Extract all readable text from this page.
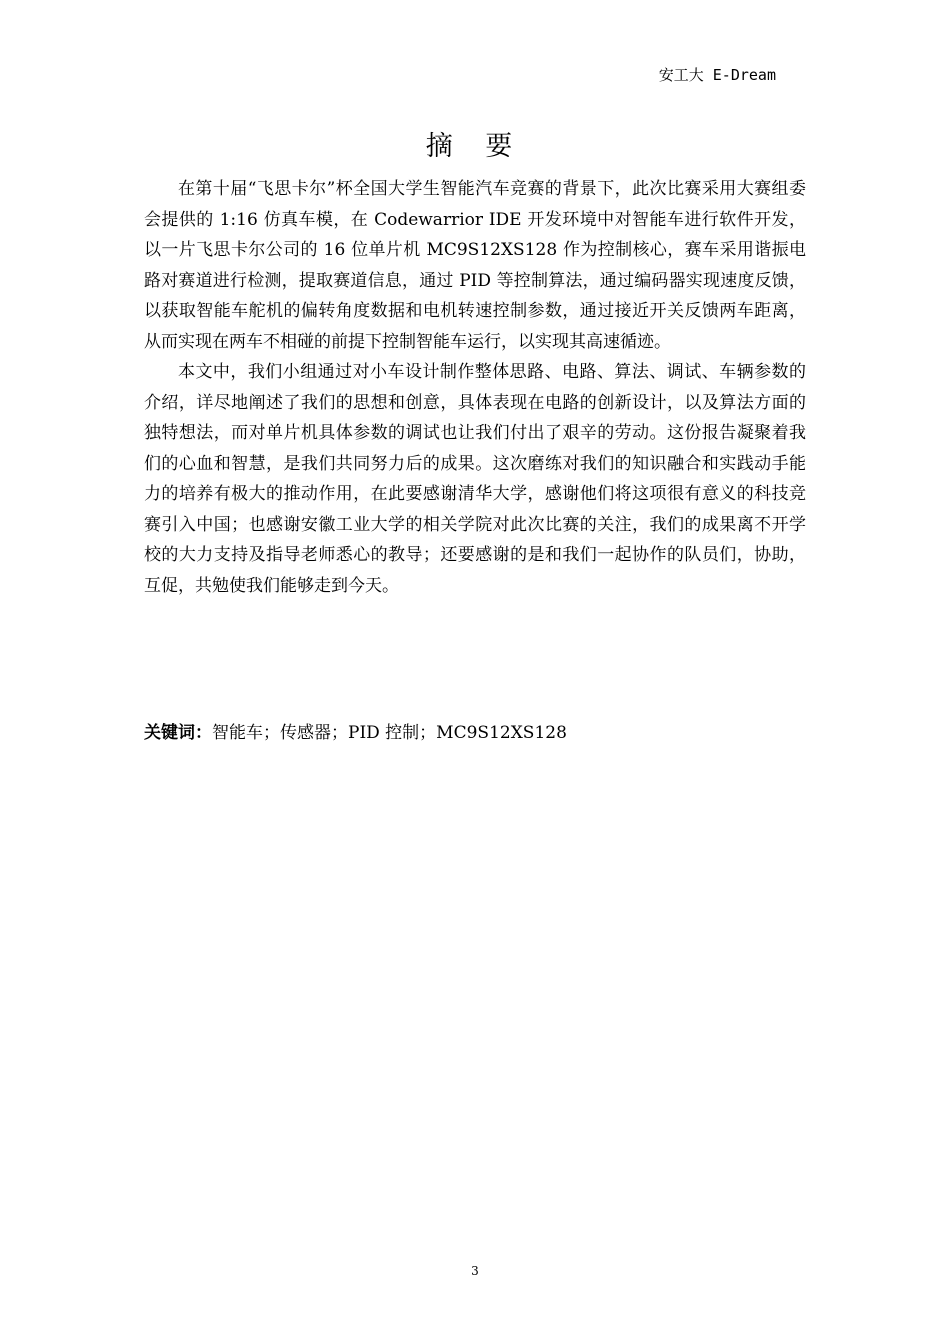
安工大 E-Dream
摘 要

在第十届“飞思卡尔”杯全国大学生智能汽车竞赛的背景下，此次比赛采用大赛组委会提供的 1:16 仿真车模，在 Codewarrior IDE 开发环境中对智能车进行软件开发，以一片飞思卡尔公司的 16 位单片机 MC9S12XS128 作为控制核心，赛车采用谐振电路对赛道进行检测，提取赛道信息，通过 PID 等控制算法，通过编码器实现速度反馈，以获取智能车舵机的偏转角度数据和电机转速控制参数，通过接近开关反馈两车距离，从而实现在两车不相碰的前提下控制智能车运行，以实现其高速循迹。

本文中，我们小组通过对小车设计制作整体思路、电路、算法、调试、车辆参数的介绍，详尽地阐述了我们的思想和创意，具体表现在电路的创新设计，以及算法方面的独特想法，而对单片机具体参数的调试也让我们付出了艰辛的劳动。这份报告凝聚着我们的心血和智慧，是我们共同努力后的成果。这次磨练对我们的知识融合和实践动手能力的培养有极大的推动作用，在此要感谢清华大学，感谢他们将这项很有意义的科技竞赛引入中国；也感谢安徽工业大学的相关学院对此次比赛的关注，我们的成果离不开学校的大力支持及指导老师悉心的教导；还要感谢的是和我们一起协作的队员们，协助，互促，共勉使我们能够走到今天。

关键词：智能车；传感器；PID 控制；MC9S12XS128
3
